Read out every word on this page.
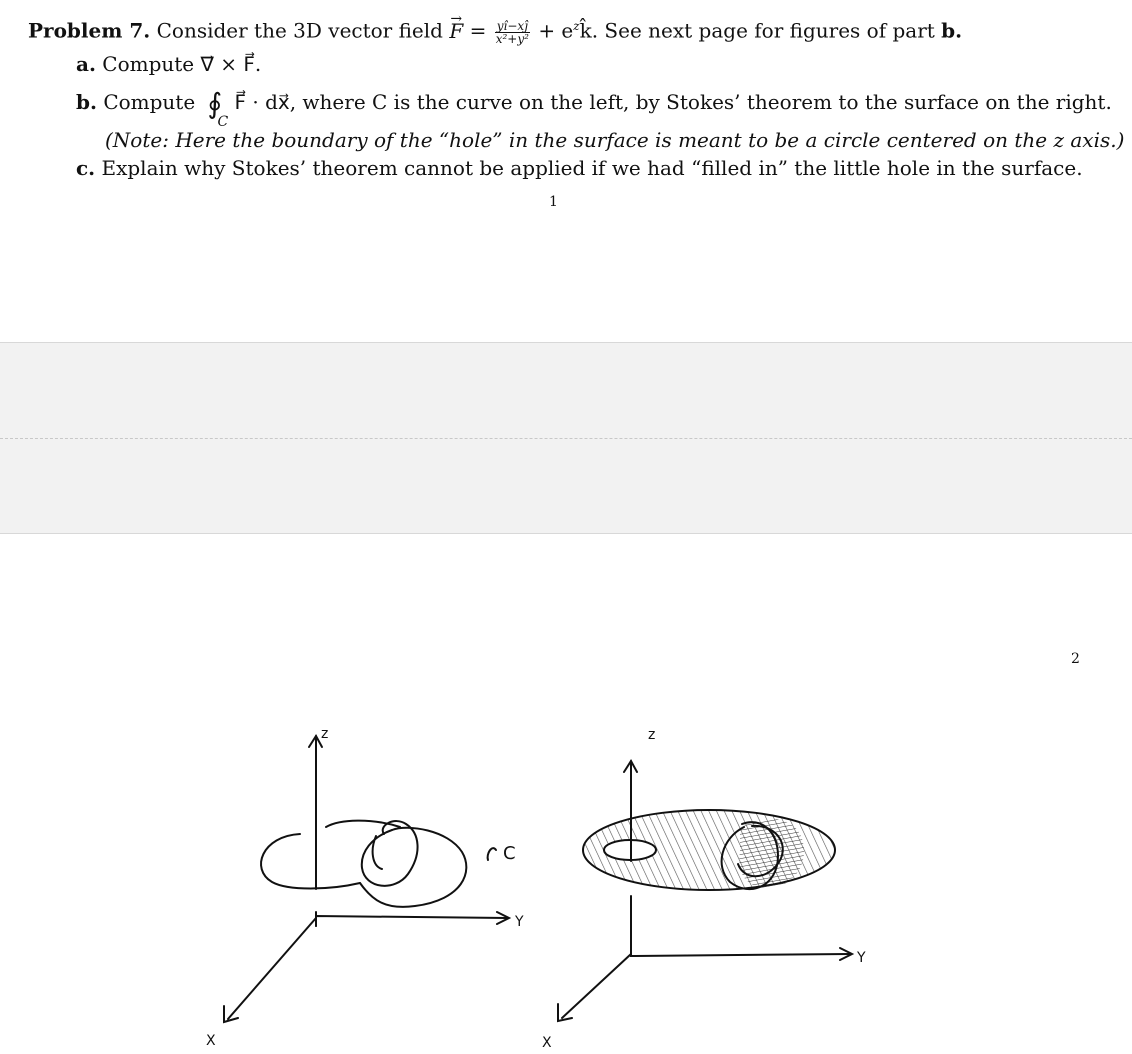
Problem 7. Consider the 3D vector field → $F = \frac{yî-xĵ}{\text{x²+y²}}$ + $e^zk̂$. See next page for figures of part b.
a. Compute ∇⃗ × F⃗.
b. Compute ∮
C
F⃗ · dx⃗, where C is the curve on the left, by Stokes’ theorem to the surface on the right.
(Note: Here the boundary of the “hole” in the surface is meant to be a circle centered on the z axis.)
c. Explain why Stokes’ theorem cannot be applied if we had “filled in” the little hole in the surface.
1
2
C
z
Y
X
z
Y
X
